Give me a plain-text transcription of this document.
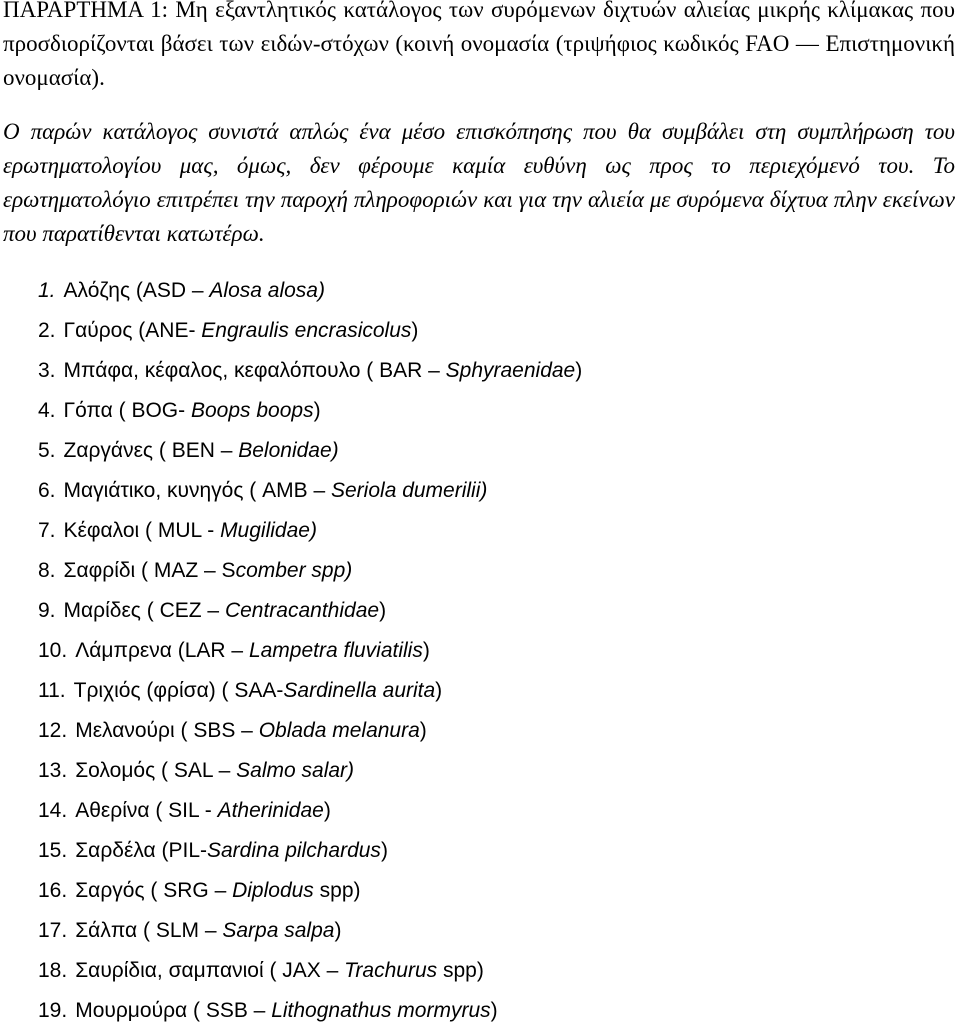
ΠΑΡΑΡΤΗΜΑ 1: Μη εξαντλητικός κατάλογος των συρόμενων διχτυών αλιείας μικρής κλίμακας που προσδιορίζονται βάσει των ειδών-στόχων (κοινή ονομασία (τριψήφιος κωδικός FAO — Επιστημονική ονομασία).

Ο παρών κατάλογος συνιστά απλώς ένα μέσο επισκόπησης που θα συμβάλει στη συμπλήρωση του ερωτηματολογίου μας, όμως, δεν φέρουμε καμία ευθύνη ως προς το περιεχόμενό του. Το ερωτηματολόγιο επιτρέπει την παροχή πληροφοριών και για την αλιεία με συρόμενα δίχτυα πλην εκείνων που παρατίθενται κατωτέρω.

1. Αλόζης (ASD – Alosa alosa)
2. Γαύρος (ANE- Engraulis encrasicolus)
3. Μπάφα, κέφαλος, κεφαλόπουλο ( BAR – Sphyraenidae)
4. Γόπα ( BOG- Boops boops)
5. Ζαργάνες ( BEN – Belonidae)
6. Μαγιάτικο, κυνηγός ( AMB – Seriola dumerilii)
7. Κέφαλοι ( MUL - Mugilidae)
8. Σαφρίδι ( MAZ – Scomber spp)
9. Μαρίδες ( CEZ – Centracanthidae)
10. Λάμπρενα (LAR – Lampetra fluviatilis)
11. Τριχιός (φρίσα) ( SAA-Sardinella aurita)
12. Μελανούρι ( SBS – Oblada melanura)
13. Σολομός ( SAL – Salmo salar)
14. Αθερίνα ( SIL - Atherinidae)
15. Σαρδέλα (PIL-Sardina pilchardus)
16. Σαργός ( SRG – Diplodus spp)
17. Σάλπα ( SLM – Sarpa salpa)
18. Σαυρίδια, σαμπανιοί ( JAX – Trachurus spp)
19. Μουρμούρα ( SSB – Lithognathus mormyrus)
